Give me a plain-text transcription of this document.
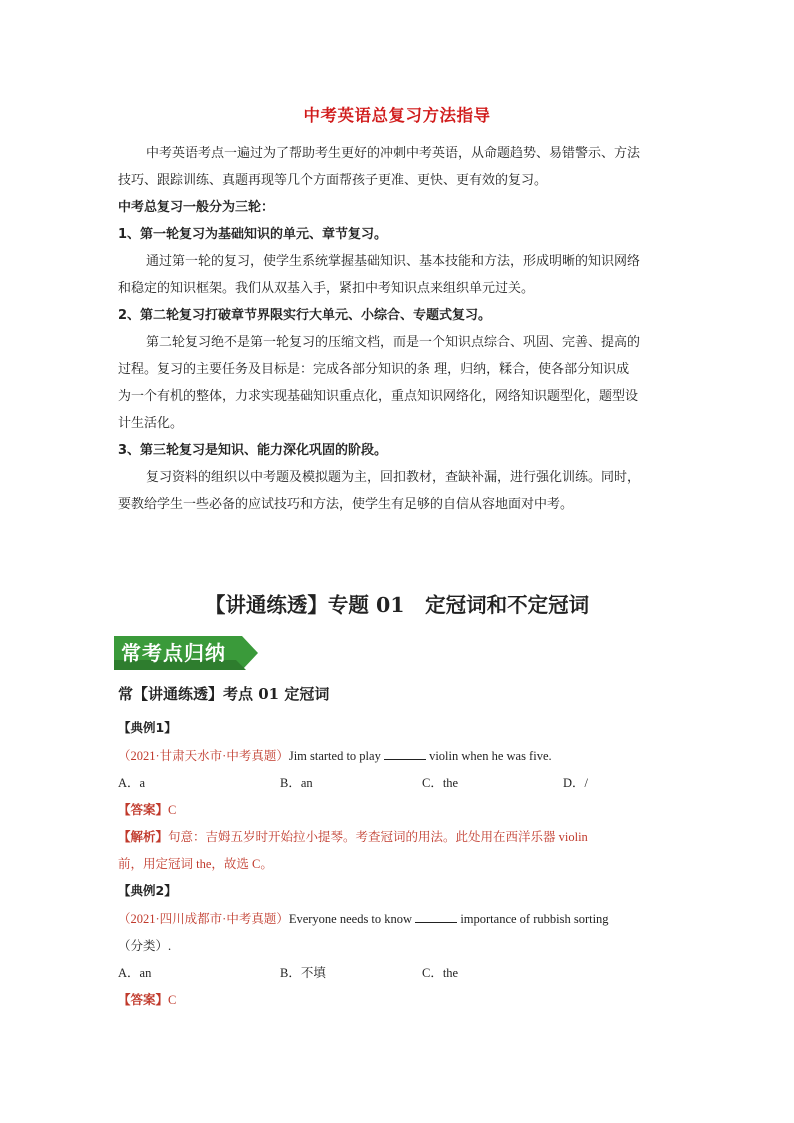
中考英语总复习方法指导
中考英语考点一遍过为了帮助考生更好的冲刺中考英语，从命题趋势、易错警示、方法
技巧、跟踪训练、真题再现等几个方面帮孩子更准、更快、更有效的复习。
中考总复习一般分为三轮：
1、第一轮复习为基础知识的单元、章节复习。
通过第一轮的复习，使学生系统掌握基础知识、基本技能和方法，形成明晰的知识网络
和稳定的知识框架。我们从双基入手，紧扣中考知识点来组织单元过关。
2、第二轮复习打破章节界限实行大单元、小综合、专题式复习。
第二轮复习绝不是第一轮复习的压缩文档，而是一个知识点综合、巩固、完善、提高的
过程。复习的主要任务及目标是：完成各部分知识的条 理，归纳，糅合，使各部分知识成
为一个有机的整体，力求实现基础知识重点化，重点知识网络化，网络知识题型化，题型设
计生活化。
3、第三轮复习是知识、能力深化巩固的阶段。
复习资料的组织以中考题及模拟题为主，回扣教材，查缺补漏，进行强化训练。同时，
要教给学生一些必备的应试技巧和方法，使学生有足够的自信从容地面对中考。
【讲通练透】专题 01　定冠词和不定冠词
常考点归纳
常【讲通练透】考点 01 定冠词
【典例1】
（2021·甘肃天水市·中考真题）Jim started to play	violin when he was five.
A．a	B．an	C．the	D．/
【答案】C
【解析】句意：吉姆五岁时开始拉小提琴。考查冠词的用法。此处用在西洋乐器 violin
前，用定冠词 the，故选 C。
【典例2】
（2021·四川成都市·中考真题）Everyone needs to know	importance of rubbish sorting
（分类）.
A．an	B．不填	C．the
【答案】C
